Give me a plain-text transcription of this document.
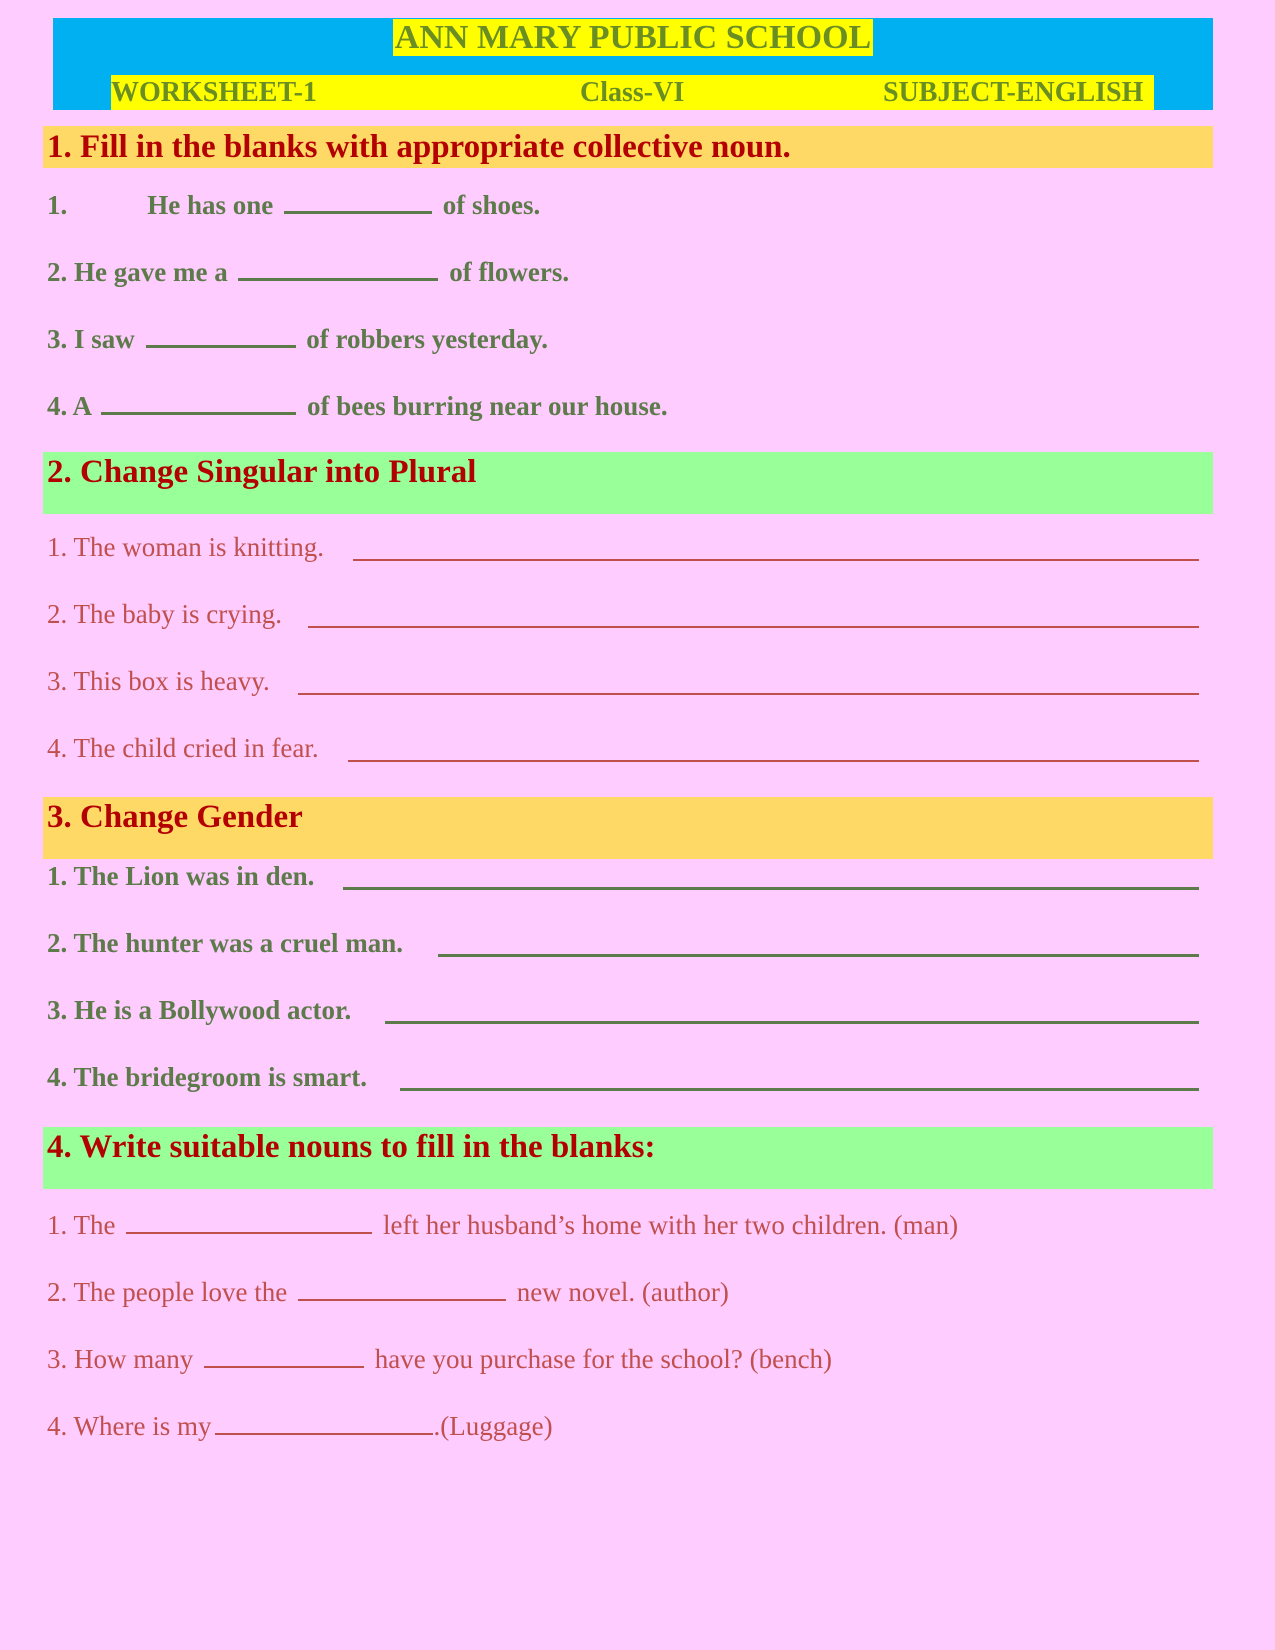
ANN MARY PUBLIC SCHOOL
WORKSHEET-1	Class-VI	SUBJECT-ENGLISH
1. Fill in the blanks with appropriate collective noun.
1.	He has one	of shoes.
2. He gave me a	of flowers.
3. I saw	of robbers yesterday.
4. A	of bees burring near our house.
2. Change Singular into Plural
1. The woman is knitting.
2. The baby is crying.
3. This box is heavy.
4. The child cried in fear.
3. Change Gender
1. The Lion was in den.
2. The hunter was a cruel man.
3. He is a Bollywood actor.
4. The bridegroom is smart.
4. Write suitable nouns to fill in the blanks:
1. The	left her husband’s home with her two children. (man)
2. The people love the	new novel. (author)
3. How many	have you purchase for the school? (bench)
4. Where is my	.(Luggage)
